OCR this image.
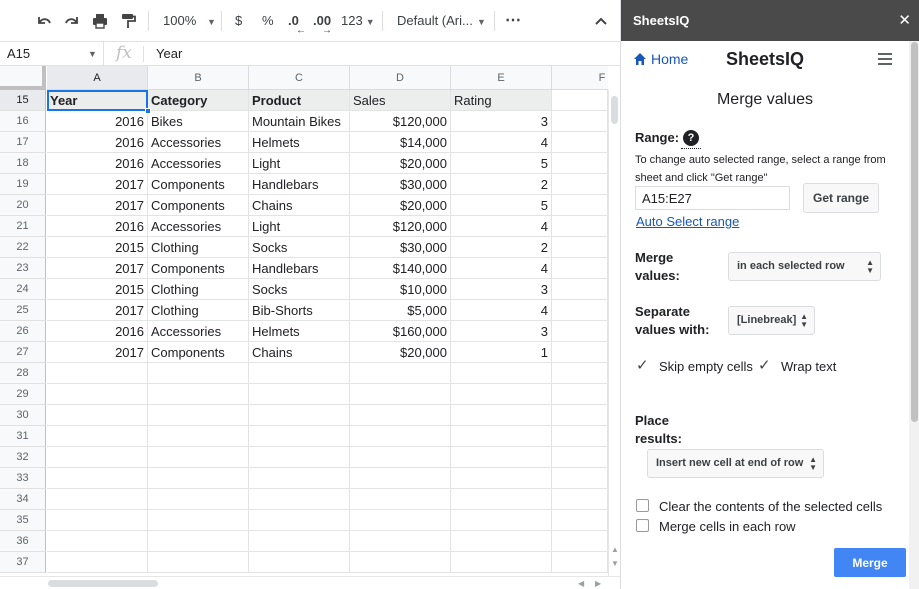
100%	▼ $ % .0
←
.00
→
123 ▼ Default (Ari... ▼ ⋯
A15	▼ fx Year
A	B	C	D	E	F
15	Year	Category	Product	Sales	Rating
16	2016 Bikes	Mountain Bikes	$120,000	3
17	2016 Accessories	Helmets	$14,000	4
18	2016 Accessories	Light	$20,000	5
19	2017 Components	Handlebars	$30,000	2
20	2017 Components	Chains	$20,000	5
21	2016 Accessories	Light	$120,000	4
22	2015 Clothing	Socks	$30,000	2
23	2017 Components	Handlebars	$140,000	4
24	2015 Clothing	Socks	$10,000	3
25	2017 Clothing	Bib-Shorts	$5,000	4
26	2016 Accessories	Helmets	$160,000	3
27	2017 Components	Chains	$20,000	1
28
29
30
31
32
33
34
35
36
37
▲
▼
◀ ▶
SheetsIQ	✕
SheetsIQ
Home
Merge values
Range: ?
To change auto selected range, select a range from sheet and click "Get range"
A15:E27
Get range
Auto Select range
Merge values:
in each selected row	▲
▼
Separate values with:
[Linebreak] ▲
▼
✓
Skip empty cells
✓ Wrap text
Place results:
Insert new cell at end of row ▲
▼
Clear the contents of the selected cells
Merge cells in each row
Merge
